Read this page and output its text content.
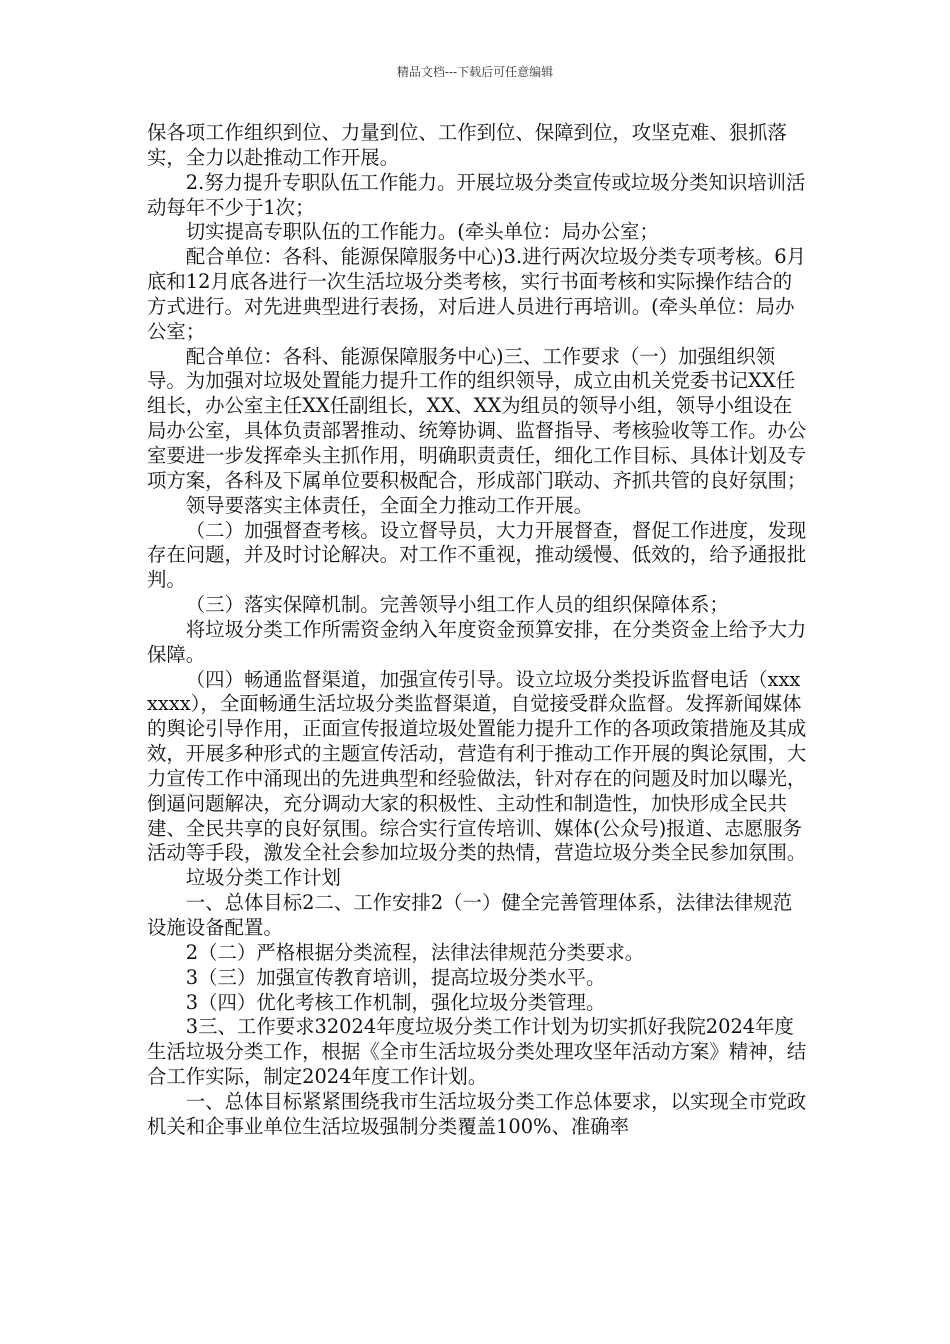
精品文档---下载后可任意编辑

保各项工作组织到位、力量到位、工作到位、保障到位，攻坚克难、狠抓落实，全力以赴推动工作开展。

2.努力提升专职队伍工作能力。开展垃圾分类宣传或垃圾分类知识培训活动每年不少于1次；

切实提高专职队伍的工作能力。(牵头单位：局办公室；

配合单位：各科、能源保障服务中心)3.进行两次垃圾分类专项考核。6月底和12月底各进行一次生活垃圾分类考核，实行书面考核和实际操作结合的方式进行。对先进典型进行表扬，对后进人员进行再培训。(牵头单位：局办公室；

配合单位：各科、能源保障服务中心)三、工作要求（一）加强组织领导。为加强对垃圾处置能力提升工作的组织领导，成立由机关党委书记XX任组长，办公室主任XX任副组长，XX、XX为组员的领导小组，领导小组设在局办公室，具体负责部署推动、统筹协调、监督指导、考核验收等工作。办公室要进一步发挥牵头主抓作用，明确职责责任，细化工作目标、具体计划及专项方案，各科及下属单位要积极配合，形成部门联动、齐抓共管的良好氛围；

领导要落实主体责任，全面全力推动工作开展。

（二）加强督查考核。设立督导员，大力开展督查，督促工作进度，发现存在问题，并及时讨论解决。对工作不重视，推动缓慢、低效的，给予通报批判。

（三）落实保障机制。完善领导小组工作人员的组织保障体系；

将垃圾分类工作所需资金纳入年度资金预算安排，在分类资金上给予大力保障。

（四）畅通监督渠道，加强宣传引导。设立垃圾分类投诉监督电话（xxxxxxx），全面畅通生活垃圾分类监督渠道，自觉接受群众监督。发挥新闻媒体的舆论引导作用，正面宣传报道垃圾处置能力提升工作的各项政策措施及其成效，开展多种形式的主题宣传活动，营造有利于推动工作开展的舆论氛围，大力宣传工作中涌现出的先进典型和经验做法，针对存在的问题及时加以曝光，倒逼问题解决，充分调动大家的积极性、主动性和制造性，加快形成全民共建、全民共享的良好氛围。综合实行宣传培训、媒体(公众号)报道、志愿服务活动等手段，激发全社会参加垃圾分类的热情，营造垃圾分类全民参加氛围。

垃圾分类工作计划

一、总体目标2二、工作安排2（一）健全完善管理体系，法律法律规范设施设备配置。

2（二）严格根据分类流程，法律法律规范分类要求。

3（三）加强宣传教育培训，提高垃圾分类水平。

3（四）优化考核工作机制，强化垃圾分类管理。

3三、工作要求32024年度垃圾分类工作计划为切实抓好我院2024年度生活垃圾分类工作，根据《全市生活垃圾分类处理攻坚年活动方案》精神，结合工作实际，制定2024年度工作计划。

一、总体目标紧紧围绕我市生活垃圾分类工作总体要求，以实现全市党政机关和企事业单位生活垃圾强制分类覆盖100%、准确率
